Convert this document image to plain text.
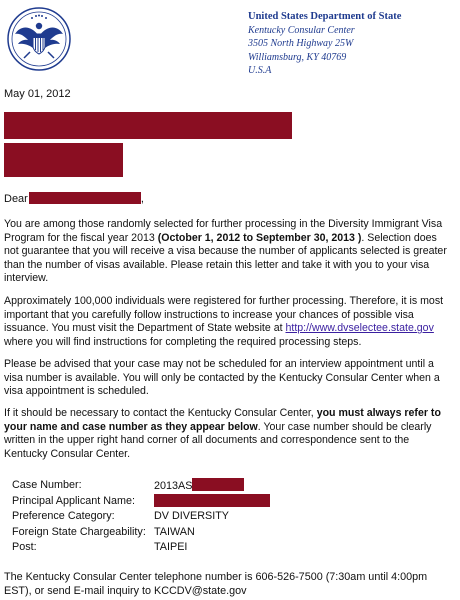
United States Department of State
Kentucky Consular Center
3505 North Highway 25W
Williamsburg, KY 40769
U.S.A
May 01, 2012
Dear	,

You are among those randomly selected for further processing in the Diversity Immigrant Visa Program for the fiscal year 2013 (October 1, 2012 to September 30, 2013 ). Selection does not guarantee that you will receive a visa because the number of applicants selected is greater than the number of visas available. Please retain this letter and take it with you to your visa interview.

Approximately 100,000 individuals were registered for further processing. Therefore, it is most important that you carefully follow instructions to increase your chances of possible visa issuance. You must visit the Department of State website at http://www.dvselectee.state.gov where you will find instructions for completing the required processing steps.

Please be advised that your case may not be scheduled for an interview appointment until a visa number is available. You will only be contacted by the Kentucky Consular Center when a visa appointment is scheduled.

If it should be necessary to contact the Kentucky Consular Center, you must always refer to your name and case number as they appear below. Your case number should be clearly written in the upper right hand corner of all documents and correspondence sent to the Kentucky Consular Center.

Case Number:	2013AS
Principal Applicant Name:
Preference Category:	DV DIVERSITY
Foreign State Chargeability: TAIWAN
Post:	TAIPEI

The Kentucky Consular Center telephone number is 606-526-7500 (7:30am until 4:00pm EST), or send E-mail inquiry to KCCDV@state.gov
